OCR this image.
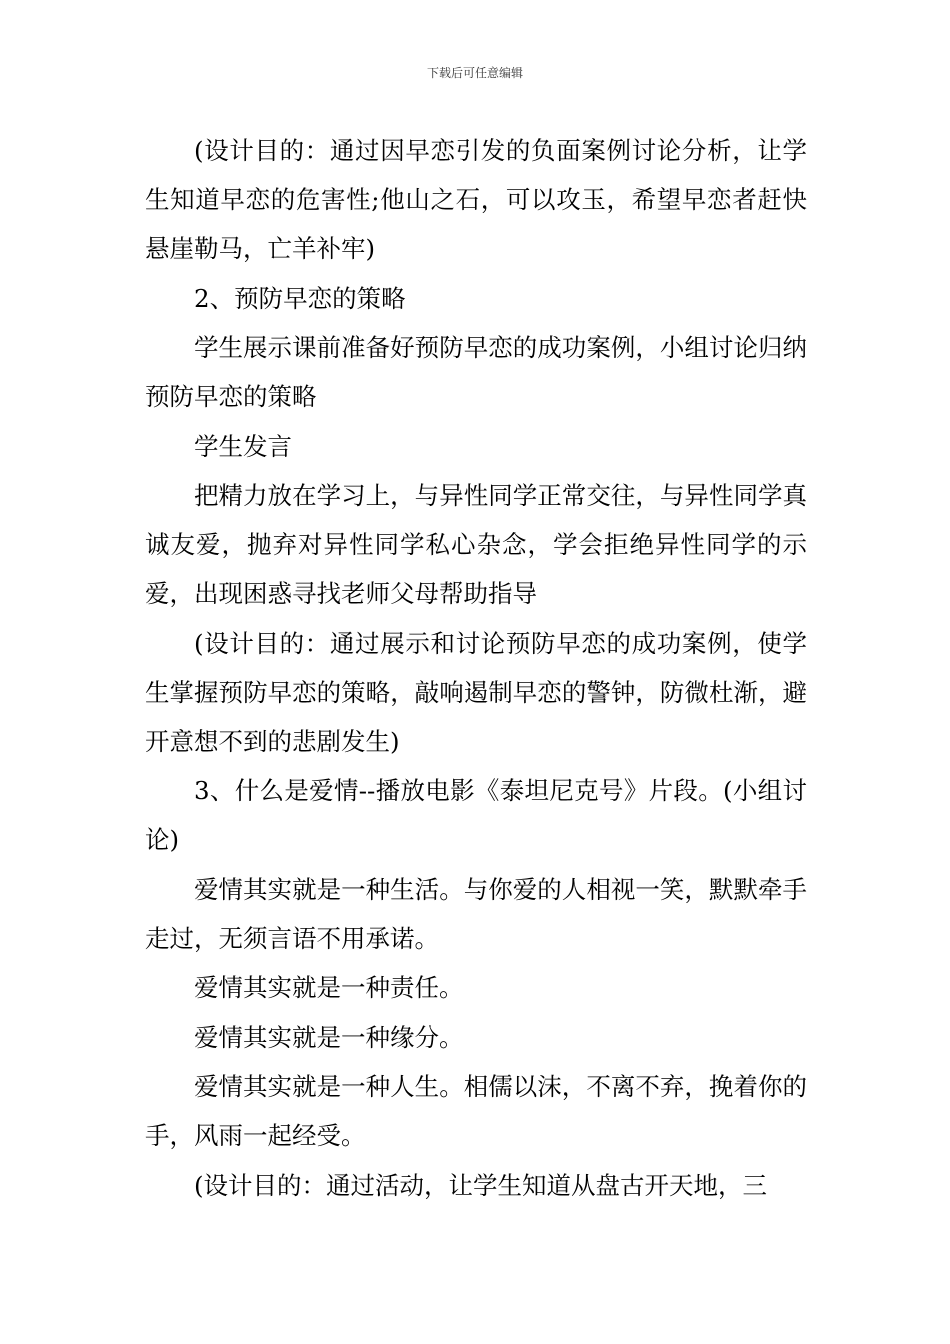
下载后可任意编辑

(设计目的：通过因早恋引发的负面案例讨论分析，让学生知道早恋的危害性;他山之石，可以攻玉，希望早恋者赶快悬崖勒马，亡羊补牢)

2、预防早恋的策略

学生展示课前准备好预防早恋的成功案例，小组讨论归纳预防早恋的策略

学生发言

把精力放在学习上，与异性同学正常交往，与异性同学真诚友爱，抛弃对异性同学私心杂念，学会拒绝异性同学的示爱，出现困惑寻找老师父母帮助指导

(设计目的：通过展示和讨论预防早恋的成功案例，使学生掌握预防早恋的策略，敲响遏制早恋的警钟，防微杜渐，避开意想不到的悲剧发生)

3、什么是爱情--播放电影《泰坦尼克号》片段。(小组讨论)

爱情其实就是一种生活。与你爱的人相视一笑，默默牵手走过，无须言语不用承诺。

爱情其实就是一种责任。

爱情其实就是一种缘分。

爱情其实就是一种人生。相儒以沫，不离不弃，挽着你的手，风雨一起经受。

(设计目的：通过活动，让学生知道从盘古开天地，三
